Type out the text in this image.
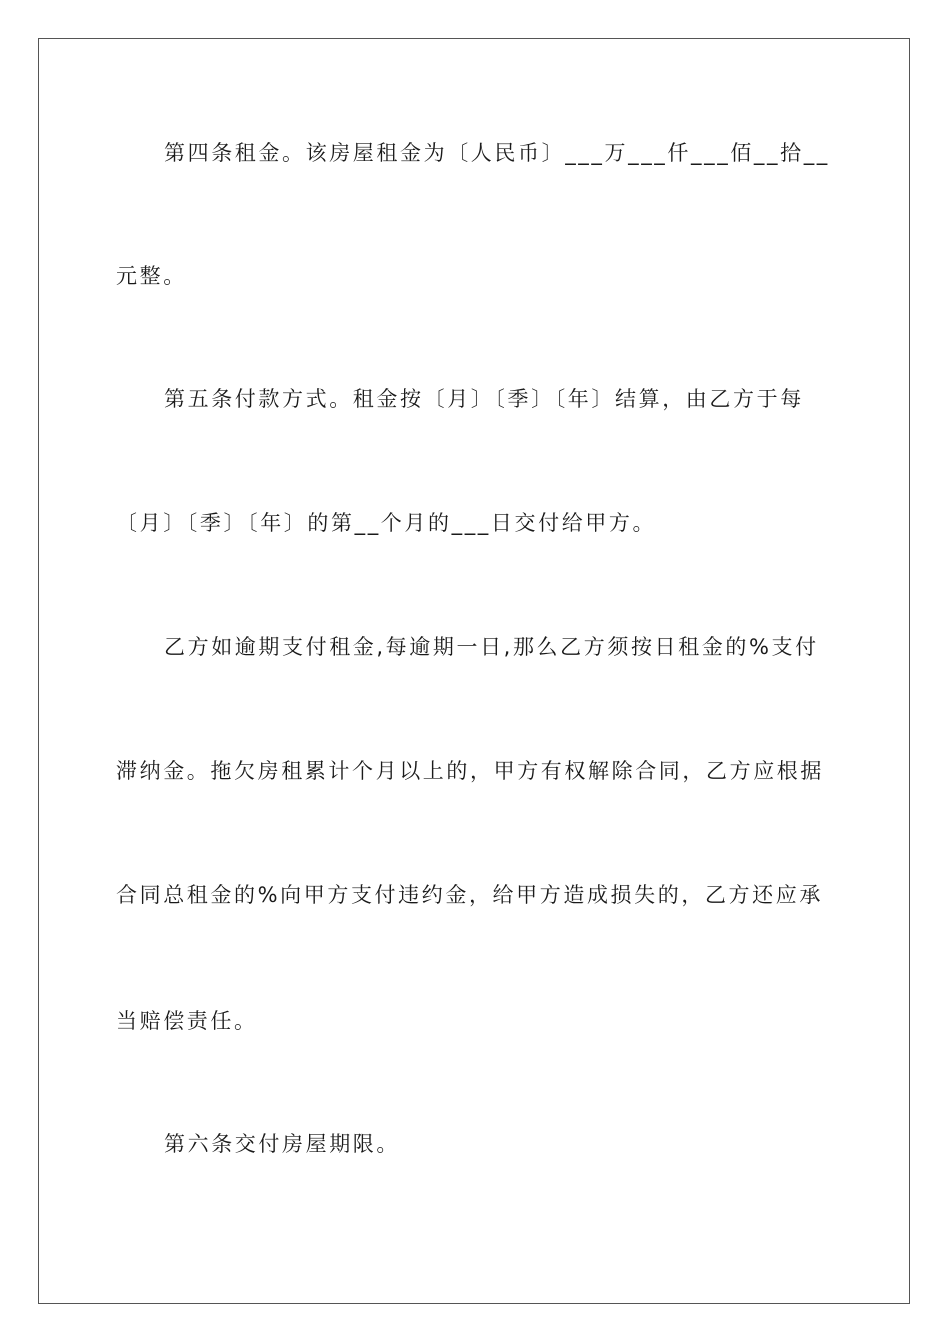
第四条租金。该房屋租金为〔人民币〕___万___仟___佰__拾__
元整。
第五条付款方式。租金按〔月〕〔季〕〔年〕结算，由乙方于每
〔月〕〔季〕〔年〕的第__个月的___日交付给甲方。
乙方如逾期支付租金,每逾期一日,那么乙方须按日租金的%支付
滞纳金。拖欠房租累计个月以上的，甲方有权解除合同，乙方应根据
合同总租金的%向甲方支付违约金，给甲方造成损失的，乙方还应承
当赔偿责任。
第六条交付房屋期限。
